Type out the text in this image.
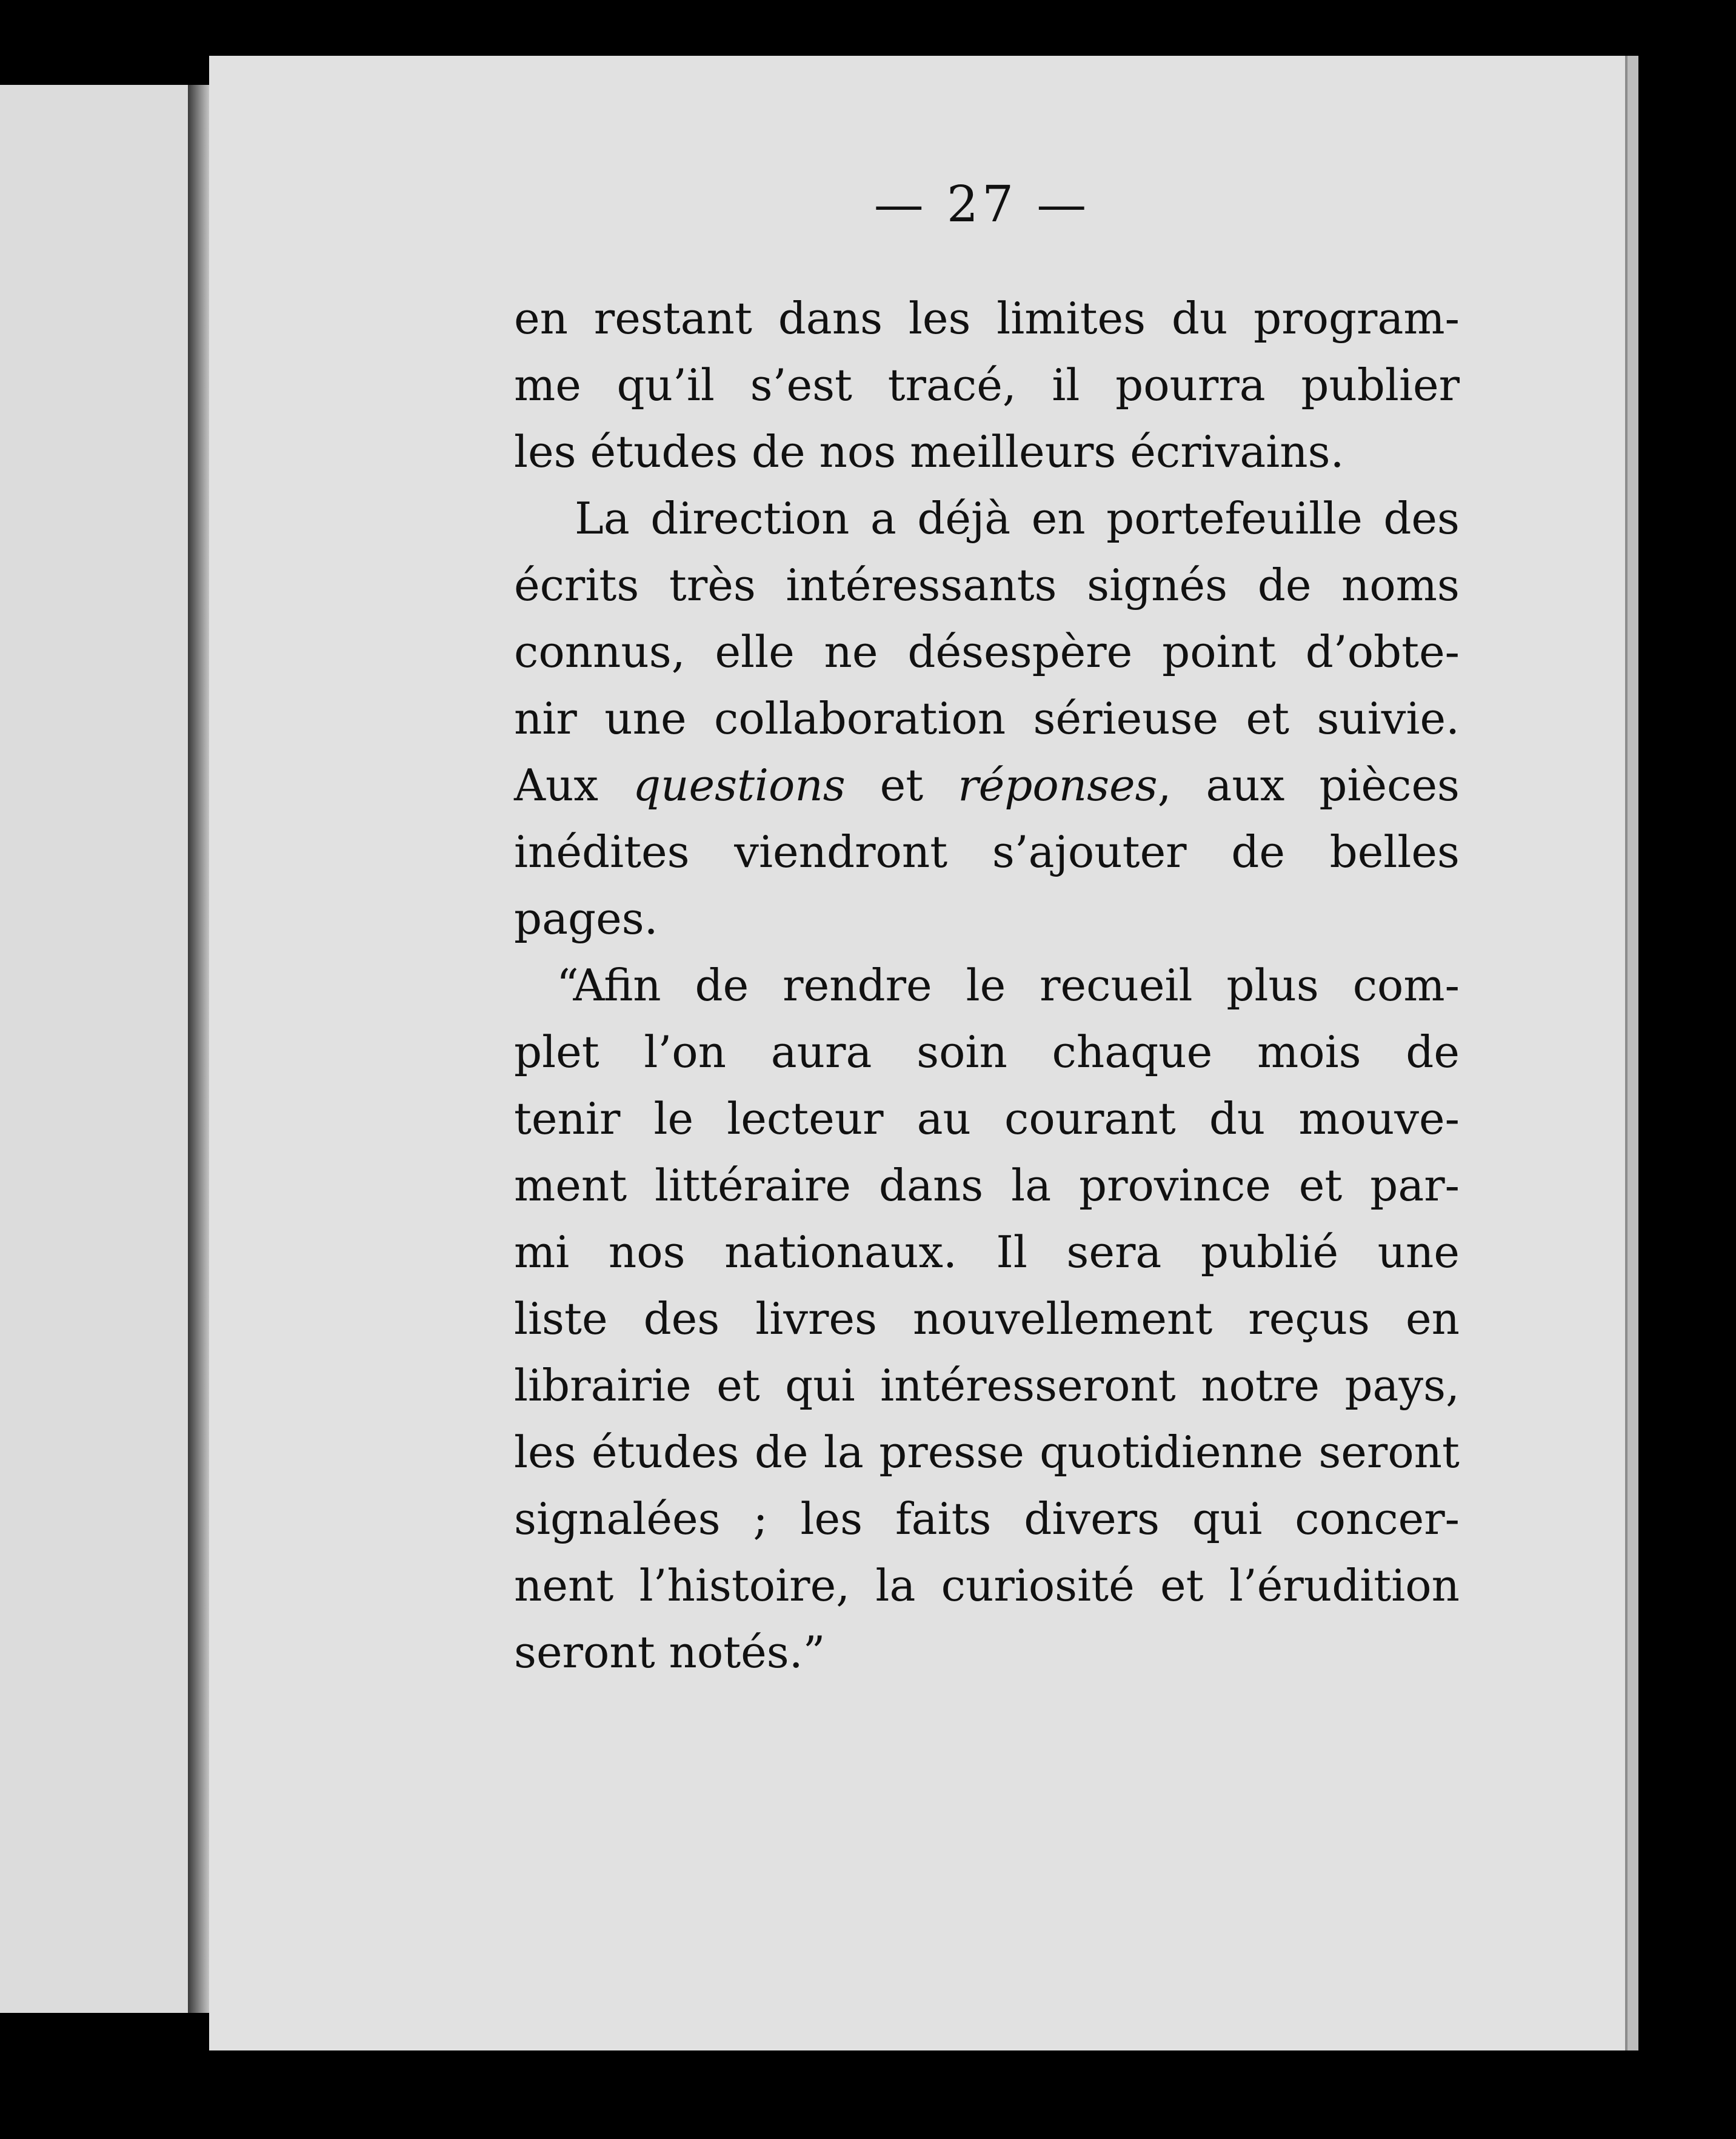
— 27 —
en restant dans les limites du program-
me qu’il s’est tracé, il pourra publier
les études de nos meilleurs écrivains.
La direction a déjà en portefeuille des
écrits très intéressants signés de noms
connus, elle ne désespère point d’obte-
nir une collaboration sérieuse et suivie.
Aux questions et réponses, aux pièces
inédites viendront s’ajouter de belles
pages.
“Afin de rendre le recueil plus com-
plet l’on aura soin chaque mois de
tenir le lecteur au courant du mouve-
ment littéraire dans la province et par-
mi nos nationaux. Il sera publié une
liste des livres nouvellement reçus en
librairie et qui intéresseront notre pays,
les études de la presse quotidienne seront
signalées ; les faits divers qui concer-
nent l’histoire, la curiosité et l’érudition
seront notés.”
